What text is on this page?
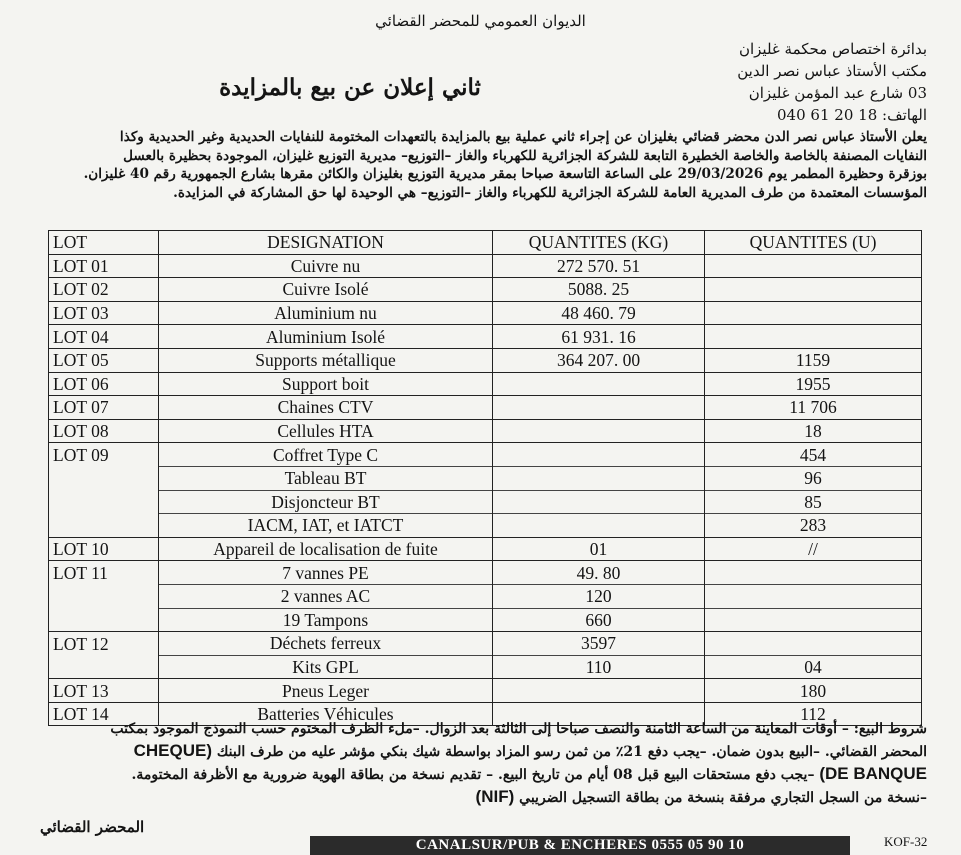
الديوان العمومي للمحضر القضائي
بدائرة اختصاص محكمة غليزان
مكتب الأستاذ عباس نصر الدين
03 شارع عبد المؤمن غليزان
الهاتف: 18 20 61 040
ثاني إعلان عن بيع بالمزايدة
يعلن الأستاذ عباس نصر الدن محضر قضائي بغليزان عن إجراء ثاني عملية بيع بالمزايدة بالتعهدات المختومة للنفايات الحديدية وغير الحديدية وكذا
النفايات المصنفة بالخاصة والخاصة الخطيرة التابعة للشركة الجزائرية للكهرباء والغاز –التوزيع– مديرية التوزيع غليزان، الموجودة بحظيرة بالعسل
بوزقرة وحظيرة المطمر يوم 29/03/2026 على الساعة التاسعة صباحا بمقر مديرية التوزيع بغليزان والكائن مقرها بشارع الجمهورية رقم 40 غليزان.
المؤسسات المعتمدة من طرف المديرية العامة للشركة الجزائرية للكهرباء والغاز –التوزيع– هي الوحيدة لها حق المشاركة في المزايدة.
LOT	DESIGNATION	QUANTITES (KG)	QUANTITES (U)
LOT 01	Cuivre nu	272 570. 51	
LOT 02	Cuivre Isolé	5088. 25	
LOT 03	Aluminium nu	48 460. 79	
LOT 04	Aluminium Isolé	61 931. 16	
LOT 05	Supports métallique	364 207. 00	1159
LOT 06	Support boit		1955
LOT 07	Chaines CTV		11 706
LOT 08	Cellules HTA		18
LOT 09	Coffret Type C		454
	Tableau BT		96
	Disjoncteur BT		85
	IACM, IAT, et IATCT		283
LOT 10	Appareil de localisation de fuite	01	//
LOT 11	7 vannes PE	49. 80	
	2 vannes AC	120	
	19 Tampons	660	
LOT 12	Déchets ferreux	3597	
	Kits GPL	110	04
LOT 13	Pneus Leger		180
LOT 14	Batteries Véhicules		112
شروط البيع: – أوقات المعاينة من الساعة الثامنة والنصف صباحا إلى الثالثة بعد الزوال. –ملء الظرف المختوم حسب النموذج الموجود بمكتب
المحضر القضائي. –البيع بدون ضمان. –يجب دفع 21٪ من ثمن رسو المزاد بواسطة شيك بنكي مؤشر عليه من طرف البنك (CHEQUE
DE BANQUE) –يجب دفع مستحقات البيع قبل 08 أيام من تاريخ البيع. – تقديم نسخة من بطاقة الهوية ضرورية مع الأظرفة المختومة.
–نسخة من السجل التجاري مرفقة بنسخة من بطاقة التسجيل الضريبي (NIF)
المحضر القضائي
CANALSUR/PUB & ENCHERES 0555 05 90 10	KOF-32
